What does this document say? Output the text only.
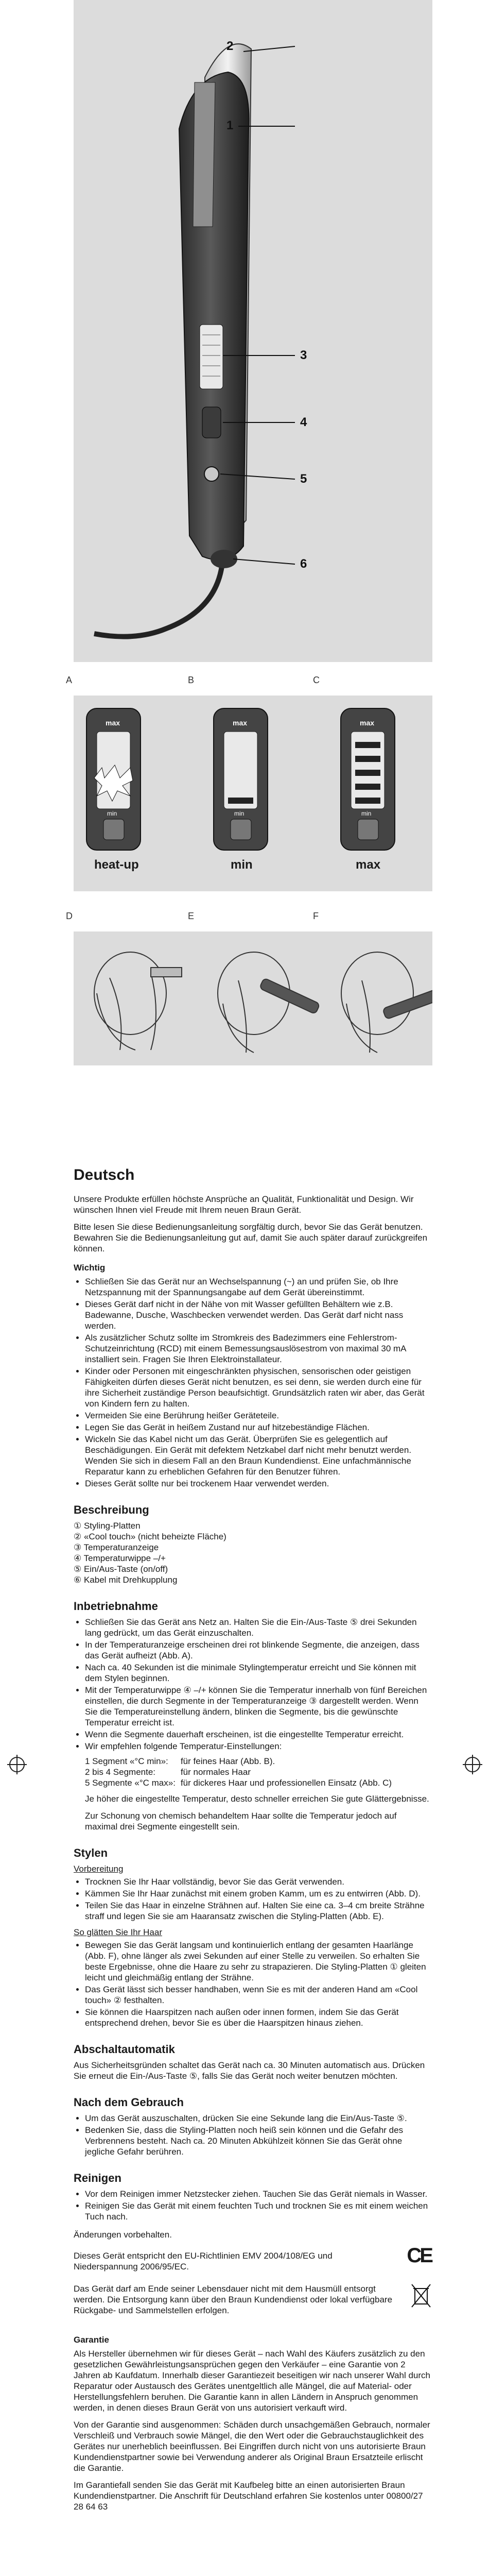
2
1
3
4
5
6
A	B	C
max
min
heat-up
max
min
min
max
min
max
D	E	F
Deutsch

Unsere Produkte erfüllen höchste Ansprüche an Qualität, Funktionalität und Design. Wir wünschen Ihnen viel Freude mit Ihrem neuen Braun Gerät.

Bitte lesen Sie diese Bedienungsanleitung sorgfältig durch, bevor Sie das Gerät benutzen. Bewahren Sie die Bedienungsanleitung gut auf, damit Sie auch später darauf zurückgreifen können.

Wichtig
• Schließen Sie das Gerät nur an Wechselspannung (~) an und prüfen Sie, ob Ihre Netzspannung mit der Spannungsangabe auf dem Gerät übereinstimmt.
• Dieses Gerät darf nicht in der Nähe von mit Wasser gefüllten Behältern wie z.B. Badewanne, Dusche, Waschbecken verwendet werden. Das Gerät darf nicht nass werden.
• Als zusätzlicher Schutz sollte im Stromkreis des Badezimmers eine Fehlerstrom-Schutzeinrichtung (RCD) mit einem Bemessungsauslösestrom von maximal 30 mA installiert sein. Fragen Sie Ihren Elektroinstallateur.
• Kinder oder Personen mit eingeschränkten physischen, sensorischen oder geistigen Fähigkeiten dürfen dieses Gerät nicht benutzen, es sei denn, sie werden durch eine für ihre Sicherheit zuständige Person beaufsichtigt. Grundsätzlich raten wir aber, das Gerät von Kindern fern zu halten.
• Vermeiden Sie eine Berührung heißer Geräteteile.
• Legen Sie das Gerät in heißem Zustand nur auf hitzebeständige Flächen.
• Wickeln Sie das Kabel nicht um das Gerät. Überprüfen Sie es gelegentlich auf Beschädigungen. Ein Gerät mit defektem Netzkabel darf nicht mehr benutzt werden. Wenden Sie sich in diesem Fall an den Braun Kundendienst. Eine unfachmännische Reparatur kann zu erheblichen Gefahren für den Benutzer führen.
• Dieses Gerät sollte nur bei trockenem Haar verwendet werden.
Beschreibung
① Styling-Platten
② «Cool touch» (nicht beheizte Fläche)
③ Temperaturanzeige
④ Temperaturwippe –/+
⑤ Ein/Aus-Taste (on/off)
⑥ Kabel mit Drehkupplung
Inbetriebnahme
• Schließen Sie das Gerät ans Netz an. Halten Sie die Ein-/Aus-Taste ⑤ drei Sekunden lang gedrückt, um das Gerät einzuschalten.
• In der Temperaturanzeige erscheinen drei rot blinkende Segmente, die anzeigen, dass das Gerät aufheizt (Abb. A).
• Nach ca. 40 Sekunden ist die minimale Stylingtemperatur erreicht und Sie können mit dem Stylen beginnen.
• Mit der Temperaturwippe ④ –/+ können Sie die Temperatur innerhalb von fünf Bereichen einstellen, die durch Segmente in der Temperaturanzeige ③ dargestellt werden. Wenn Sie die Temperatureinstellung ändern, blinken die Segmente, bis die gewünschte Temperatur erreicht ist.
• Wenn die Segmente dauerhaft erscheinen, ist die eingestellte Temperatur erreicht.
• Wir empfehlen folgende Temperatur-Einstellungen:
1 Segment «°C min»:	für feines Haar (Abb. B).
2 bis 4 Segmente:	für normales Haar
5 Segmente «°C max»:	für dickeres Haar und professionellen Einsatz (Abb. C)

Je höher die eingestellte Temperatur, desto schneller erreichen Sie gute Glättergebnisse.

Zur Schonung von chemisch behandeltem Haar sollte die Temperatur jedoch auf maximal drei Segmente eingestellt sein.

Stylen
Vorbereitung
• Trocknen Sie Ihr Haar vollständig, bevor Sie das Gerät verwenden.
• Kämmen Sie Ihr Haar zunächst mit einem groben Kamm, um es zu entwirren (Abb. D).
• Teilen Sie das Haar in einzelne Strähnen auf. Halten Sie eine ca. 3–4 cm breite Strähne straff und legen Sie sie am Haaransatz zwischen die Styling-Platten (Abb. E).
So glätten Sie Ihr Haar
• Bewegen Sie das Gerät langsam und kontinuierlich entlang der gesamten Haarlänge (Abb. F), ohne länger als zwei Sekunden auf einer Stelle zu verweilen. So erhalten Sie beste Ergebnisse, ohne die Haare zu sehr zu strapazieren. Die Styling-Platten ① gleiten leicht und gleichmäßig entlang der Strähne.
• Das Gerät lässt sich besser handhaben, wenn Sie es mit der anderen Hand am «Cool touch» ② festhalten.
• Sie können die Haarspitzen nach außen oder innen formen, indem Sie das Gerät entsprechend drehen, bevor Sie es über die Haarspitzen hinaus ziehen.
Abschaltautomatik

Aus Sicherheitsgründen schaltet das Gerät nach ca. 30 Minuten automatisch aus. Drücken Sie erneut die Ein-/Aus-Taste ⑤, falls Sie das Gerät noch weiter benutzen möchten.

Nach dem Gebrauch
• Um das Gerät auszuschalten, drücken Sie eine Sekunde lang die Ein/Aus-Taste ⑤.
• Bedenken Sie, dass die Styling-Platten noch heiß sein können und die Gefahr des Verbrennens besteht. Nach ca. 20 Minuten Abkühlzeit können Sie das Gerät ohne jegliche Gefahr berühren.
Reinigen
• Vor dem Reinigen immer Netzstecker ziehen. Tauchen Sie das Gerät niemals in Wasser.
• Reinigen Sie das Gerät mit einem feuchten Tuch und trocknen Sie es mit einem weichen Tuch nach.

Änderungen vorbehalten.

Dieses Gerät entspricht den EU-Richtlinien EMV 2004/108/EG und Niederspannung 2006/95/EC.	CE

Das Gerät darf am Ende seiner Lebensdauer nicht mit dem Hausmüll entsorgt werden. Die Entsorgung kann über den Braun Kundendienst oder lokal verfügbare Rückgabe- und Sammelstellen erfolgen.

Garantie

Als Hersteller übernehmen wir für dieses Gerät – nach Wahl des Käufers zusätzlich zu den gesetzlichen Gewährleistungsansprüchen gegen den Verkäufer – eine Garantie von 2 Jahren ab Kaufdatum. Innerhalb dieser Garantiezeit beseitigen wir nach unserer Wahl durch Reparatur oder Austausch des Gerätes unentgeltlich alle Mängel, die auf Material- oder Herstellungsfehlern beruhen. Die Garantie kann in allen Ländern in Anspruch genommen werden, in denen dieses Braun Gerät von uns autorisiert verkauft wird.

Von der Garantie sind ausgenommen: Schäden durch unsachgemäßen Gebrauch, normaler Verschleiß und Verbrauch sowie Mängel, die den Wert oder die Gebrauchstauglichkeit des Gerätes nur unerheblich beeinflussen. Bei Eingriffen durch nicht von uns autorisierte Braun Kundendienstpartner sowie bei Verwendung anderer als Original Braun Ersatzteile erlischt die Garantie.

Im Garantiefall senden Sie das Gerät mit Kaufbeleg bitte an einen autorisierten Braun Kundendienstpartner. Die Anschrift für Deutschland erfahren Sie kostenlos unter 00800/27 28 64 63
